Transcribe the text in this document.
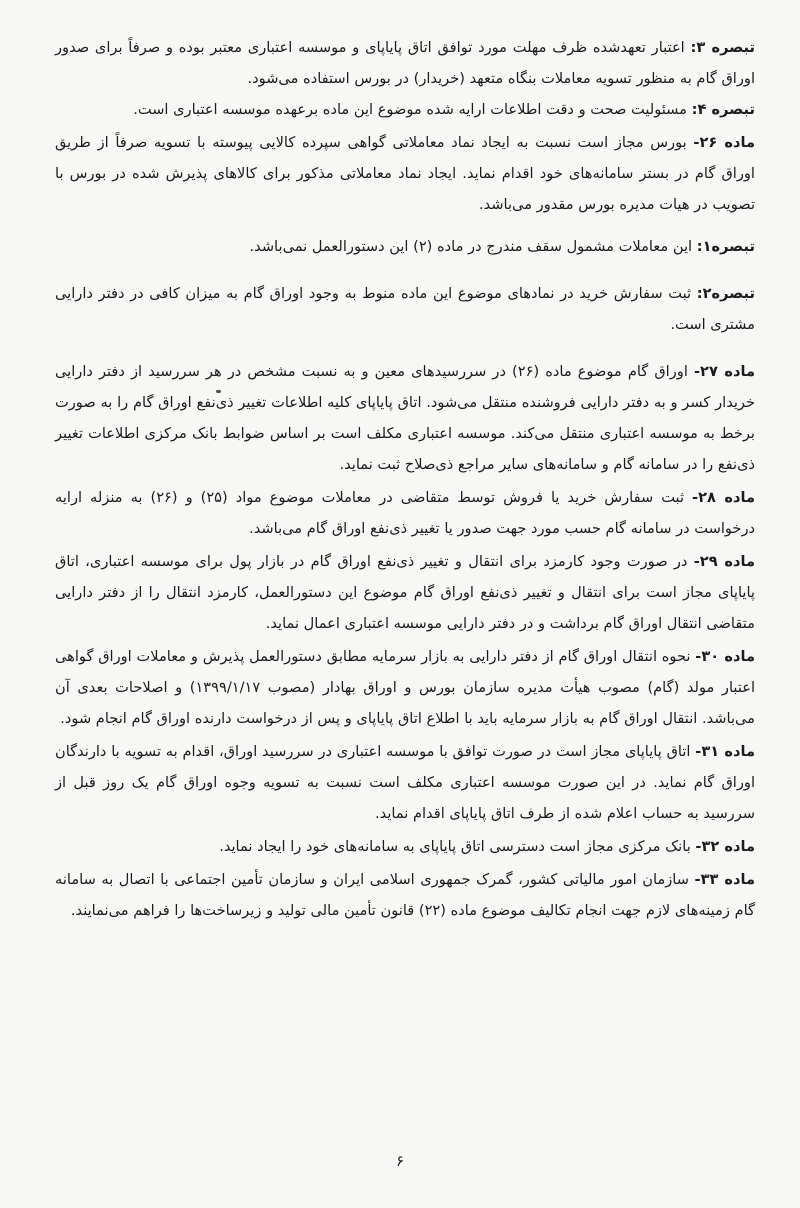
تبصره ۳: اعتبار تعهدشده ظرف مهلت مورد توافق اتاق پایاپای و موسسه اعتباری معتبر بوده و صرفاً برای صدور اوراق گام به منظور تسویه معاملات بنگاه متعهد (خریدار) در بورس استفاده می‌شود.

تبصره ۴: مسئولیت صحت و دقت اطلاعات ارایه شده موضوع این ماده برعهده موسسه اعتباری است.

ماده ۲۶- بورس مجاز است نسبت به ایجاد نماد معاملاتی گواهی سپرده کالایی پیوسته با تسویه صرفاً از طریق اوراق گام در بستر سامانه‌های خود اقدام نماید. ایجاد نماد معاملاتی مذکور برای کالاهای پذیرش شده در بورس با تصویب در هیات مدیره بورس مقدور می‌باشد.

تبصره۱: این معاملات مشمول سقف مندرج در ماده (۲) این دستورالعمل نمی‌باشد.

تبصره۲: ثبت سفارش خرید در نمادهای موضوع این ماده منوط به وجود اوراق گام به میزان کافی در دفتر دارایی مشتری است.

ماده ۲۷- اوراق گام موضوع ماده (۲۶) در سررسیدهای معین و به نسبت مشخص در هر سررسید از دفتر دارایی خریدار کسر و به دفتر دارایی فروشنده منتقل می‌شود. اتاق پایاپای کلیه اطلاعات تغییر ذی‌نفع اوراق گام را به صورت برخط به موسسه اعتباری منتقل می‌کند. موسسه اعتباری مکلف است بر اساس ضوابط بانک مرکزی اطلاعات تغییر ذی‌نفع را در سامانه گام و سامانه‌های سایر مراجع ذی‌صلاح ثبت نماید.

ماده ۲۸- ثبت سفارش خرید یا فروش توسط متقاضی در معاملات موضوع مواد (۲۵) و (۲۶) به منزله ارایه درخواست در سامانه گام حسب مورد جهت صدور یا تغییر ذی‌نفع اوراق گام می‌باشد.

ماده ۲۹- در صورت وجود کارمزد برای انتقال و تغییر ذی‌نفع اوراق گام در بازار پول برای موسسه اعتباری، اتاق پایاپای مجاز است برای انتقال و تغییر ذی‌نفع اوراق گام موضوع این دستورالعمل، کارمزد انتقال را از دفتر دارایی متقاضی انتقال اوراق گام برداشت و در دفتر دارایی موسسه اعتباری اعمال نماید.

ماده ۳۰- نحوه انتقال اوراق گام از دفتر دارایی به بازار سرمایه مطابق دستورالعمل پذیرش و معاملات اوراق گواهی اعتبار مولد (گام) مصوب هیأت مدیره سازمان بورس و اوراق بهادار (مصوب ۱۳۹۹/۱/۱۷) و اصلاحات بعدی آن می‌باشد. انتقال اوراق گام به بازار سرمایه باید با اطلاع اتاق پایاپای و پس از درخواست دارنده اوراق گام انجام شود.

ماده ۳۱- اتاق پایاپای مجاز است در صورت توافق با موسسه اعتباری در سررسید اوراق، اقدام به تسویه با دارندگان اوراق گام نماید. در این صورت موسسه اعتباری مکلف است نسبت به تسویه وجوه اوراق گام یک روز قبل از سررسید به حساب اعلام شده از طرف اتاق پایاپای اقدام نماید.

ماده ۳۲- بانک مرکزی مجاز است دسترسی اتاق پایاپای به سامانه‌های خود را ایجاد نماید.

ماده ۳۳- سازمان امور مالیاتی کشور، گمرک جمهوری اسلامی ایران و سازمان تأمین اجتماعی با اتصال به سامانه گام زمینه‌های لازم جهت انجام تکالیف موضوع ماده (۲۲) قانون تأمین مالی تولید و زیرساخت‌ها را فراهم می‌نمایند.

۶
